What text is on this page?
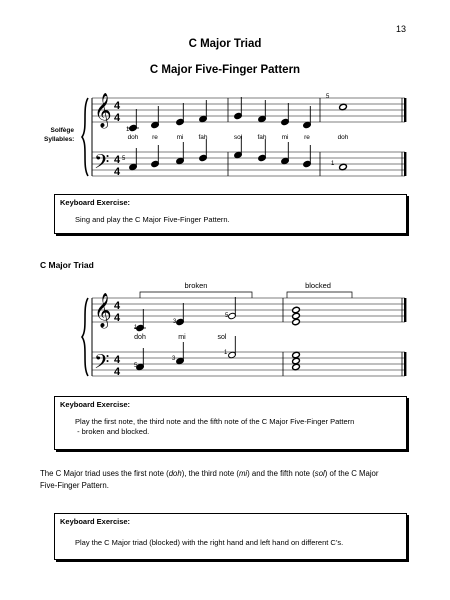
13
C Major Triad
C Major Five-Finger Pattern
Solfège
Syllables:
𝄞
𝄢
4
4
4
4
1
5
5
1
doh re	mi fah	sol fah mi re	doh
𝄞
𝄢
4
4
4
4
broken	blocked
1
3
5
doh	mi	sol
5
3
1
Keyboard Exercise:
Sing and play the C Major Five-Finger Pattern.
C Major Triad
Keyboard Exercise:
Play the first note, the third note and the fifth note of the C Major Five-Finger Pattern
- broken and blocked.
The C Major triad uses the first note (doh), the third note (mi) and the fifth note (sol) of the C Major
Five-Finger Pattern.
Keyboard Exercise:
Play the C Major triad (blocked) with the right hand and left hand on different C’s.
